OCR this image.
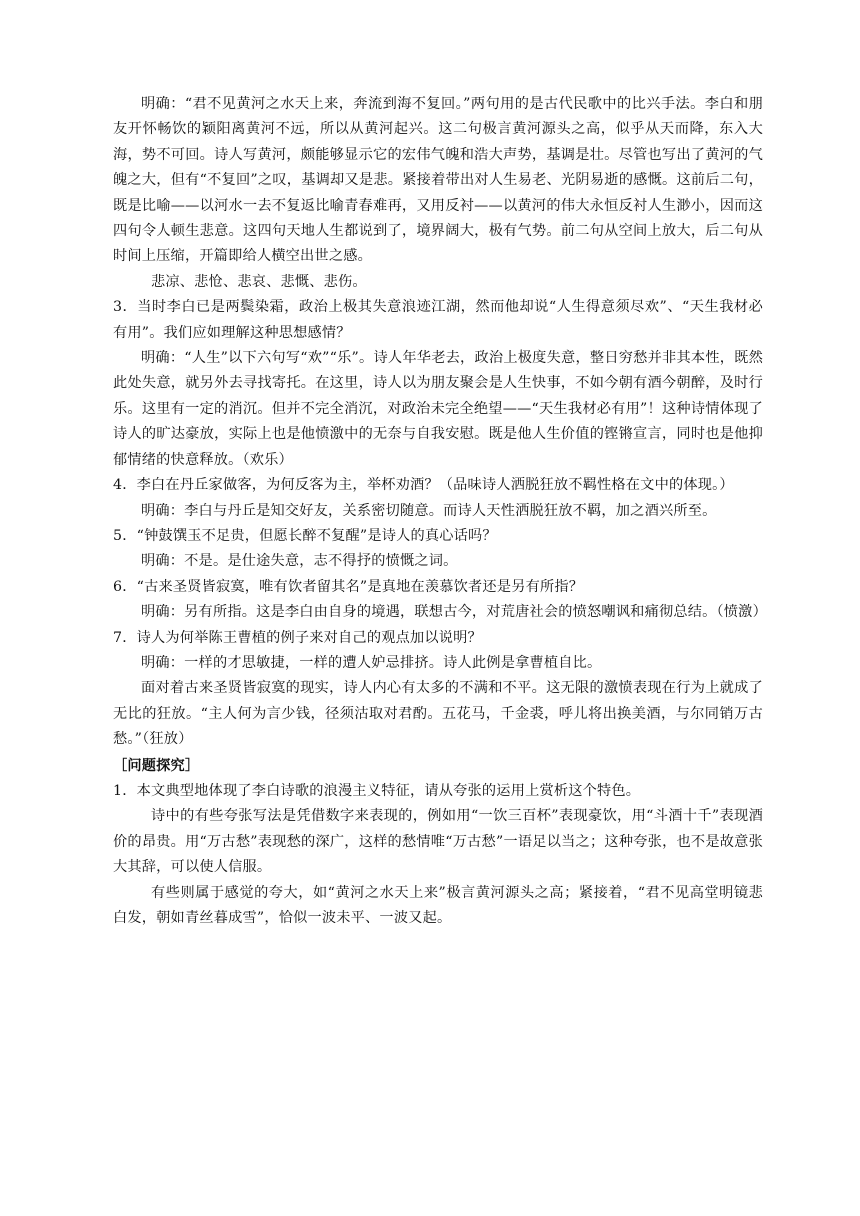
明确：“君不见黄河之水天上来，奔流到海不复回。”两句用的是古代民歌中的比兴手法。李白和朋友开怀畅饮的颖阳离黄河不远，所以从黄河起兴。这二句极言黄河源头之高，似乎从天而降，东入大海，势不可回。诗人写黄河，颇能够显示它的宏伟气魄和浩大声势，基调是壮。尽管也写出了黄河的气魄之大，但有“不复回”之叹，基调却又是悲。紧接着带出对人生易老、光阴易逝的感慨。这前后二句，既是比喻——以河水一去不复返比喻青春难再，又用反衬——以黄河的伟大永恒反衬人生渺小，因而这四句令人顿生悲意。这四句天地人生都说到了，境界阔大，极有气势。前二句从空间上放大，后二句从时间上压缩，开篇即给人横空出世之感。

悲凉、悲怆、悲哀、悲慨、悲伤。

3．当时李白已是两鬓染霜，政治上极其失意浪迹江湖，然而他却说“人生得意须尽欢”、“天生我材必有用”。我们应如理解这种思想感情？

明确：“人生”以下六句写“欢”“乐”。诗人年华老去，政治上极度失意，整日穷愁并非其本性，既然此处失意，就另外去寻找寄托。在这里，诗人以为朋友聚会是人生快事，不如今朝有酒今朝醉，及时行乐。这里有一定的消沉。但并不完全消沉，对政治未完全绝望——“天生我材必有用”！这种诗情体现了诗人的旷达豪放，实际上也是他愤激中的无奈与自我安慰。既是他人生价值的铿锵宣言，同时也是他抑郁情绪的快意释放。（欢乐）

4．李白在丹丘家做客，为何反客为主，举杯劝酒？（品味诗人洒脱狂放不羁性格在文中的体现。）

明确：李白与丹丘是知交好友，关系密切随意。而诗人天性洒脱狂放不羁，加之酒兴所至。

5．“钟鼓馔玉不足贵，但愿长醉不复醒”是诗人的真心话吗？

明确：不是。是仕途失意，志不得抒的愤慨之词。

6．“古来圣贤皆寂寞，唯有饮者留其名”是真地在羡慕饮者还是另有所指？

明确：另有所指。这是李白由自身的境遇，联想古今，对荒唐社会的愤怒嘲讽和痛彻总结。（愤激）

7．诗人为何举陈王曹植的例子来对自己的观点加以说明？

明确：一样的才思敏捷，一样的遭人妒忌排挤。诗人此例是拿曹植自比。

面对着古来圣贤皆寂寞的现实，诗人内心有太多的不满和不平。这无限的激愤表现在行为上就成了无比的狂放。“主人何为言少钱，径须沽取对君酌。五花马，千金裘，呼儿将出换美酒，与尔同销万古愁。”（狂放）

［问题探究］

1．本文典型地体现了李白诗歌的浪漫主义特征，请从夸张的运用上赏析这个特色。

诗中的有些夸张写法是凭借数字来表现的，例如用“一饮三百杯”表现豪饮，用“斗酒十千”表现酒价的昂贵。用“万古愁”表现愁的深广，这样的愁情唯“万古愁”一语足以当之；这种夸张，也不是故意张大其辞，可以使人信服。

有些则属于感觉的夸大，如“黄河之水天上来”极言黄河源头之高；紧接着，“君不见高堂明镜悲白发，朝如青丝暮成雪”，恰似一波未平、一波又起。
